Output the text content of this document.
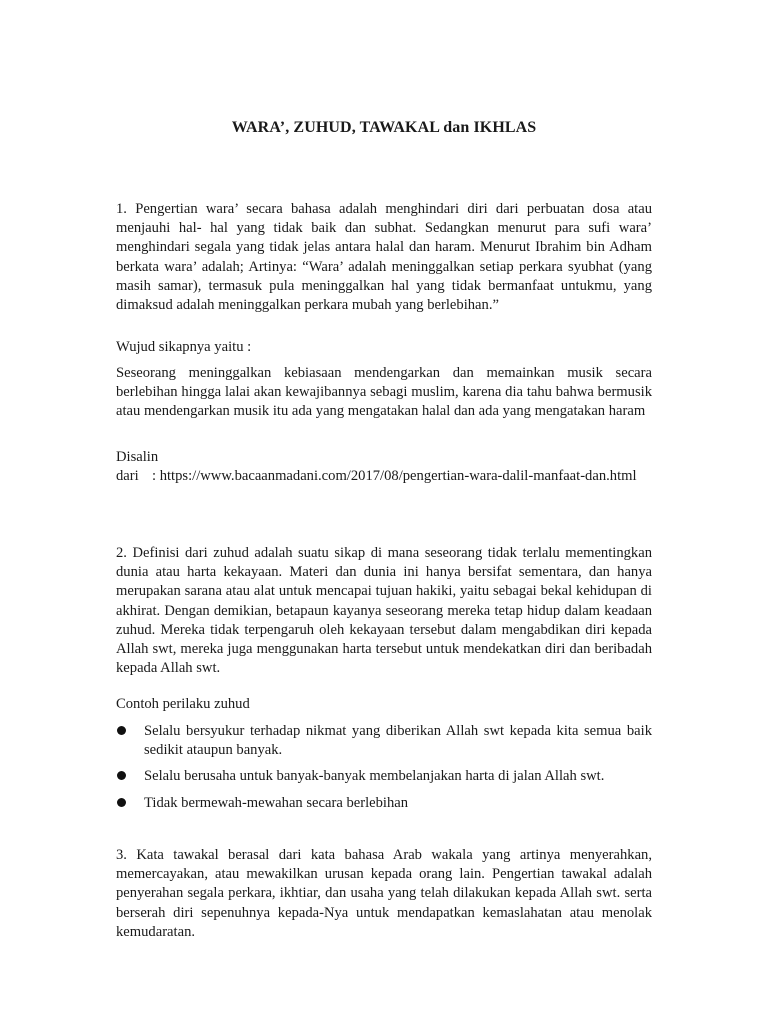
WARA’, ZUHUD, TAWAKAL dan IKHLAS

1. Pengertian wara’ secara bahasa adalah menghindari diri dari perbuatan dosa atau menjauhi hal- hal yang tidak baik dan subhat. Sedangkan menurut para sufi wara’ menghindari segala yang tidak jelas antara halal dan haram. Menurut Ibrahim bin Adham berkata wara’ adalah; Artinya: “Wara’ adalah meninggalkan setiap perkara syubhat (yang masih samar), termasuk pula meninggalkan hal yang tidak bermanfaat untukmu, yang dimaksud adalah meninggalkan perkara mubah yang berlebihan.”

Wujud sikapnya yaitu :

Seseorang meninggalkan kebiasaan mendengarkan dan memainkan musik secara berlebihan hingga lalai akan kewajibannya sebagi muslim, karena dia tahu bahwa bermusik atau mendengarkan musik itu ada yang mengatakan halal dan ada yang mengatakan haram

Disalin

dari : https://www.bacaanmadani.com/2017/08/pengertian-wara-dalil-manfaat-dan.html

2. Definisi dari zuhud adalah suatu sikap di mana seseorang tidak terlalu mementingkan dunia atau harta kekayaan. Materi dan dunia ini hanya bersifat sementara, dan hanya merupakan sarana atau alat untuk mencapai tujuan hakiki, yaitu sebagai bekal kehidupan di akhirat. Dengan demikian, betapaun kayanya seseorang mereka tetap hidup dalam keadaan zuhud. Mereka tidak terpengaruh oleh kekayaan tersebut dalam mengabdikan diri kepada Allah swt, mereka juga menggunakan harta tersebut untuk mendekatkan diri dan beribadah kepada Allah swt.

Contoh perilaku zuhud

Selalu bersyukur terhadap nikmat yang diberikan Allah swt kepada kita semua baik sedikit ataupun banyak.
Selalu berusaha untuk banyak-banyak membelanjakan harta di jalan Allah swt.
Tidak bermewah-mewahan secara berlebihan

3. Kata tawakal berasal dari kata bahasa Arab wakala yang artinya menyerahkan, memercayakan, atau mewakilkan urusan kepada orang lain. Pengertian tawakal adalah penyerahan segala perkara, ikhtiar, dan usaha yang telah dilakukan kepada Allah swt. serta berserah diri sepenuhnya kepada-Nya untuk mendapatkan kemaslahatan atau menolak kemudaratan.
